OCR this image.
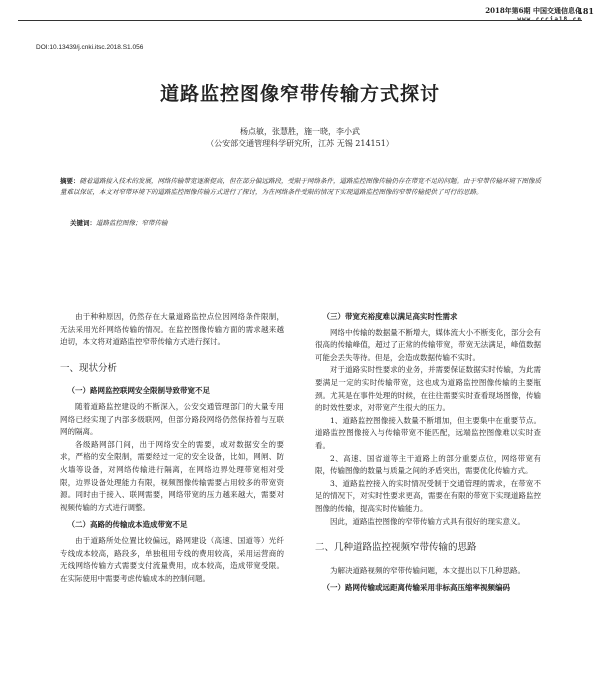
2018年第6期 中国交通信息化
www.cccia18.cn
181
DOI:10.13439/j.cnki.itsc.2018.S1.056
道路监控图像窄带传输方式探讨
杨点敏，张慧胜，施一晓，李小武
（公安部交通管理科学研究所，江苏 无锡 214151）
摘要：随着道路接入技术的发展，网络传输带宽逐渐提高，但在部分偏远路段，受限于网络条件，道路监控图像传输仍存在带宽不足的问题。由于窄带传输环境下图像质量难以保证，本文对窄带环境下的道路监控图像传输方式进行了探讨，为在网络条件受限的情况下实现道路监控图像的窄带传输提供了可行的思路。
关键词：道路监控图像；窄带传输

由于种种原因，仍然存在大量道路监控点位因网络条件限制，无法采用光纤网络传输的情况。在监控图像传输方面的需求越来越迫切，本文将对道路监控窄带传输方式进行探讨。

一、现状分析
（一）路网监控联网安全限制导致带宽不足

随着道路监控建设的不断深入，公安交通管理部门的大量专用网络已经实现了内部多级联网，但部分路段网络仍然保持着与互联网的隔离。

各级路网部门间，出于网络安全的需要，或对数据安全的要求，严格的安全限制，需要经过一定的安全设备，比如，网闸、防火墙等设备，对网络传输进行隔离，在网络边界处理带宽相对受限，边界设备处理能力有限，视频图像传输需要占用较多的带宽资源。同时由于接入、联网需要，网络带宽的压力越来越大，需要对视频传输的方式进行调整。

（二）高路的传输成本造成带宽不足

由于道路所处位置比较偏远，路网建设（高速、国道等）光纤专线成本较高，路段多，单独租用专线的费用较高，采用运营商的无线网络传输方式需要支付流量费用，成本较高，造成带宽受限。在实际使用中需要考虑传输成本的控制问题。

（三）带宽充裕度难以满足高实时性需求

网络中传输的数据量不断增大，媒体流大小不断变化，部分会有很高的传输峰值，超过了正常的传输带宽，带宽无法满足，峰值数据可能会丢失等待。但是，会造成数据传输不实时。

对于道路实时性要求的业务，并需要保证数据实时传输，为此需要满足一定的实时传输带宽，这也成为道路监控图像传输的主要瓶颈。尤其是在事件处理的时候，在往往需要实时查看现场图像，传输的时效性要求，对带宽产生很大的压力。

1、道路监控图像接入数量不断增加，但主要集中在重要节点。道路监控图像接入与传输带宽不能匹配，远端监控图像难以实时查看。

2、高速、国省道等主干道路上的部分重要点位，网络带宽有限，传输图像的数量与质量之间的矛盾突出，需要优化传输方式。

3、道路监控接入的实时情况受制于交通管理的需求，在带宽不足的情况下，对实时性要求更高，需要在有限的带宽下实现道路监控图像的传输，提高实时传输能力。

因此，道路监控图像的窄带传输方式具有很好的现实意义。

二、几种道路监控视频窄带传输的思路

为解决道路视频的窄带传输问题，本文提出以下几种思路。

（一）路网传输或远距离传输采用非标高压缩率视频编码
